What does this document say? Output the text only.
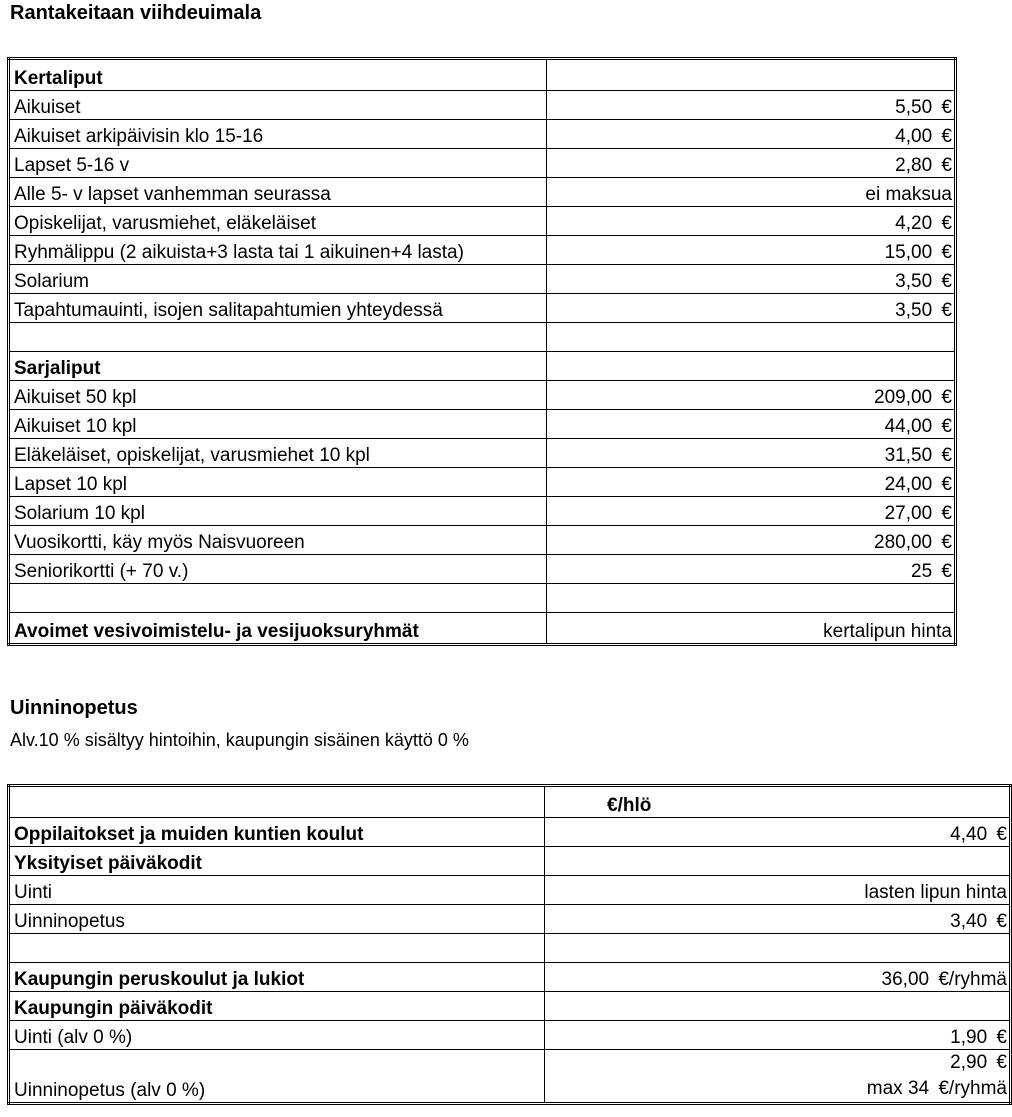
Rantakeitaan viihdeuimala
Kertaliput	
Aikuiset	5,50 €
Aikuiset arkipäivisin klo 15-16	4,00 €
Lapset 5-16 v	2,80 €
Alle 5- v lapset vanhemman seurassa	ei maksua
Opiskelijat, varusmiehet, eläkeläiset	4,20 €
Ryhmälippu (2 aikuista+3 lasta tai 1 aikuinen+4 lasta)	15,00 €
Solarium	3,50 €
Tapahtumauinti, isojen salitapahtumien yhteydessä	3,50 €

Sarjaliput	
Aikuiset 50 kpl	209,00 €
Aikuiset 10 kpl	44,00 €
Eläkeläiset, opiskelijat, varusmiehet 10 kpl	31,50 €
Lapset 10 kpl	24,00 €
Solarium 10 kpl	27,00 €
Vuosikortti, käy myös Naisvuoreen	280,00 €
Seniorikortti (+ 70 v.)	25 €

Avoimet vesivoimistelu- ja vesijuoksuryhmät	kertalipun hinta
Uinninopetus
Alv.10 % sisältyy hintoihin, kaupungin sisäinen käyttö 0 %
	€/hlö
Oppilaitokset ja muiden kuntien koulut	4,40 €
Yksityiset päiväkodit	
Uinti	lasten lipun hinta
Uinninopetus	3,40 €

Kaupungin peruskoulut ja lukiot	36,00 €/ryhmä
Kaupungin päiväkodit	
Uinti (alv 0 %)	1,90 €
Uinninopetus (alv 0 %)	2,90 €
max 34 €/ryhmä
